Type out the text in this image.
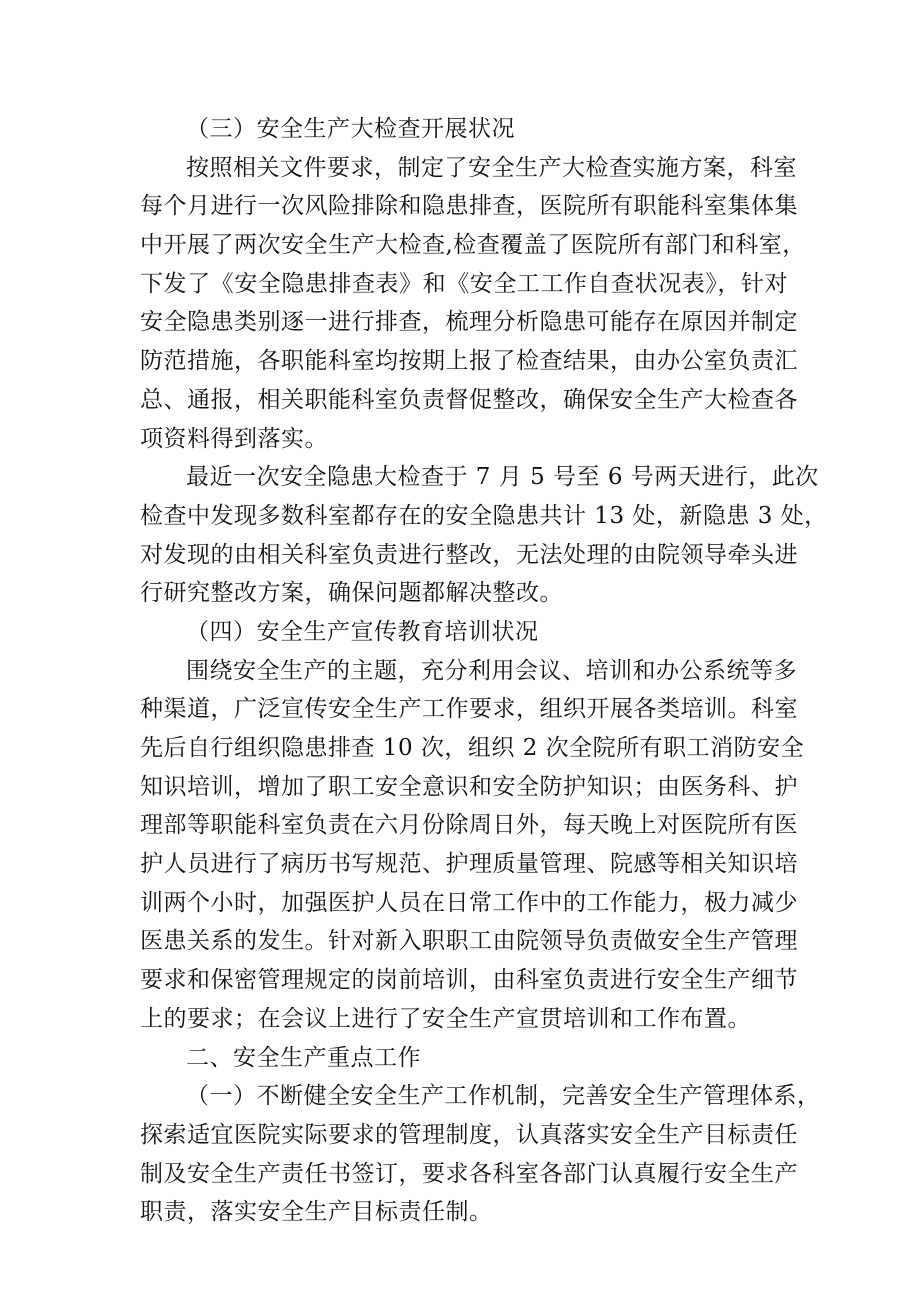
（三）安全生产大检查开展状况
按照相关文件要求，制定了安全生产大检查实施方案，科室
每个月进行一次风险排除和隐患排查，医院所有职能科室集体集
中开展了两次安全生产大检查,检查覆盖了医院所有部门和科室，
下发了《安全隐患排查表》和《安全工工作自查状况表》，针对
安全隐患类别逐一进行排查，梳理分析隐患可能存在原因并制定
防范措施，各职能科室均按期上报了检查结果，由办公室负责汇
总、通报，相关职能科室负责督促整改，确保安全生产大检查各
项资料得到落实。
最近一次安全隐患大检查于 7 月 5 号至 6 号两天进行，此次
检查中发现多数科室都存在的安全隐患共计 13 处，新隐患 3 处，
对发现的由相关科室负责进行整改，无法处理的由院领导牵头进
行研究整改方案，确保问题都解决整改。
（四）安全生产宣传教育培训状况
围绕安全生产的主题，充分利用会议、培训和办公系统等多
种渠道，广泛宣传安全生产工作要求，组织开展各类培训。科室
先后自行组织隐患排查 10 次，组织 2 次全院所有职工消防安全
知识培训，增加了职工安全意识和安全防护知识；由医务科、护
理部等职能科室负责在六月份除周日外，每天晚上对医院所有医
护人员进行了病历书写规范、护理质量管理、院感等相关知识培
训两个小时，加强医护人员在日常工作中的工作能力，极力减少
医患关系的发生。针对新入职职工由院领导负责做安全生产管理
要求和保密管理规定的岗前培训，由科室负责进行安全生产细节
上的要求；在会议上进行了安全生产宣贯培训和工作布置。
二、安全生产重点工作
（一）不断健全安全生产工作机制，完善安全生产管理体系，
探索适宜医院实际要求的管理制度，认真落实安全生产目标责任
制及安全生产责任书签订，要求各科室各部门认真履行安全生产
职责，落实安全生产目标责任制。
